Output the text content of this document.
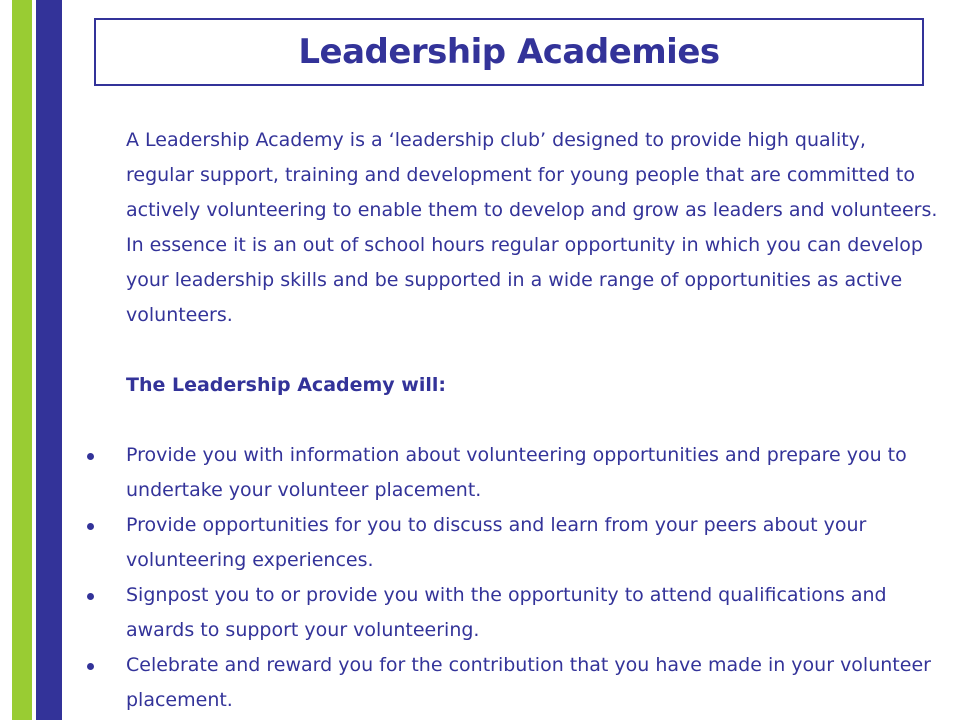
Leadership Academies

A Leadership Academy is a ‘leadership club’ designed to provide high quality, regular support, training and development for young people that are committed to actively volunteering to enable them to develop and grow as leaders and volunteers. In essence it is an out of school hours regular opportunity in which you can develop your leadership skills and be supported in a wide range of opportunities as active volunteers.

The Leadership Academy will:

Provide you with information about volunteering opportunities and prepare you to undertake your volunteer placement.
Provide opportunities for you to discuss and learn from your peers about your volunteering experiences.
Signpost you to or provide you with the opportunity to attend qualifications and awards to support your volunteering.
Celebrate and reward you for the contribution that you have made in your volunteer placement.
